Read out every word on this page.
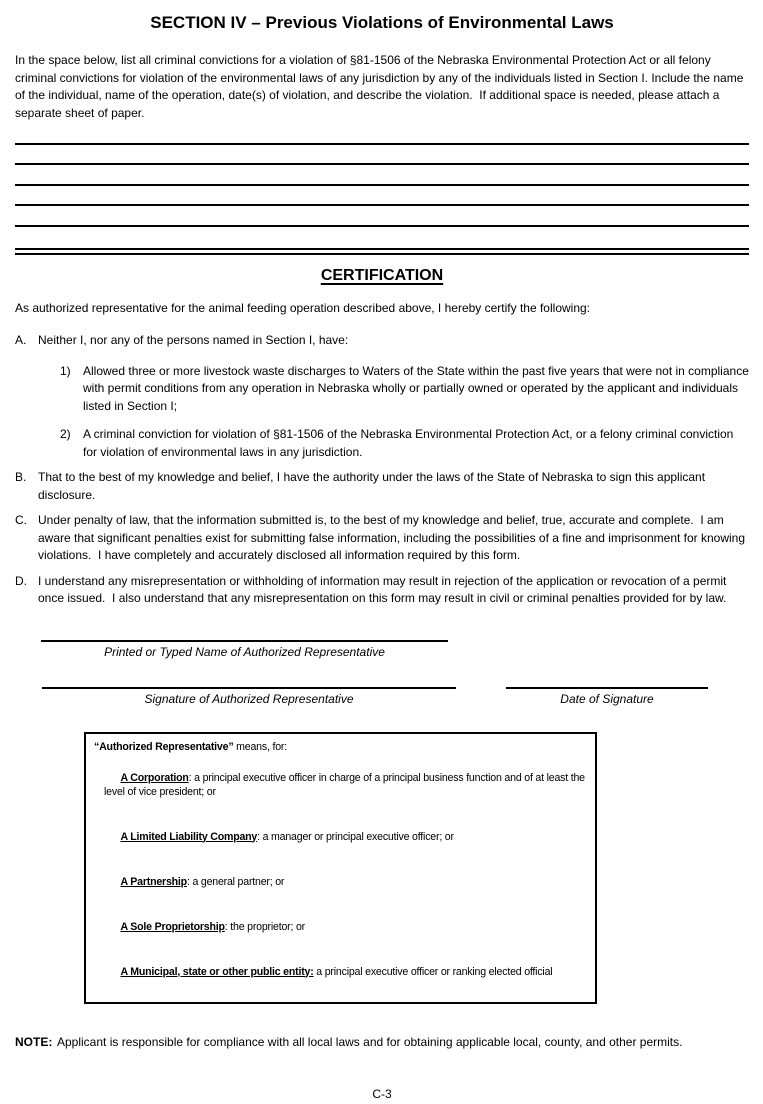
SECTION IV – Previous Violations of Environmental Laws

In the space below, list all criminal convictions for a violation of §81-1506 of the Nebraska Environmental Protection Act or all felony criminal convictions for violation of the environmental laws of any jurisdiction by any of the individuals listed in Section I. Include the name of the individual, name of the operation, date(s) of violation, and describe the violation.  If additional space is needed, please attach a separate sheet of paper.

CERTIFICATION

As authorized representative for the animal feeding operation described above, I hereby certify the following:

A. Neither I, nor any of the persons named in Section I, have:
1)	Allowed three or more livestock waste discharges to Waters of the State within the past five years that were not in compliance with permit conditions from any operation in Nebraska wholly or partially owned or operated by the applicant and individuals listed in Section I;
2)	A criminal conviction for violation of §81-1506 of the Nebraska Environmental Protection Act, or a felony criminal conviction for violation of environmental laws in any jurisdiction.
B. That to the best of my knowledge and belief, I have the authority under the laws of the State of Nebraska to sign this applicant disclosure.
C. Under penalty of law, that the information submitted is, to the best of my knowledge and belief, true, accurate and complete.  I am aware that significant penalties exist for submitting false information, including the possibilities of a fine and imprisonment for knowing violations.  I have completely and accurately disclosed all information required by this form.
D. I understand any misrepresentation or withholding of information may result in rejection of the application or revocation of a permit once issued.  I also understand that any misrepresentation on this form may result in civil or criminal penalties provided for by law.
Printed or Typed Name of Authorized Representative
Signature of Authorized Representative	Date of Signature
“Authorized Representative” means, for:

A Corporation: a principal executive officer in charge of a principal business function and of at least the level of vice president; or

A Limited Liability Company: a manager or principal executive officer; or

A Partnership: a general partner; or

A Sole Proprietorship: the proprietor; or

A Municipal, state or other public entity: a principal executive officer or ranking elected official

NOTE: Applicant is responsible for compliance with all local laws and for obtaining applicable local, county, and other permits.
C-3
